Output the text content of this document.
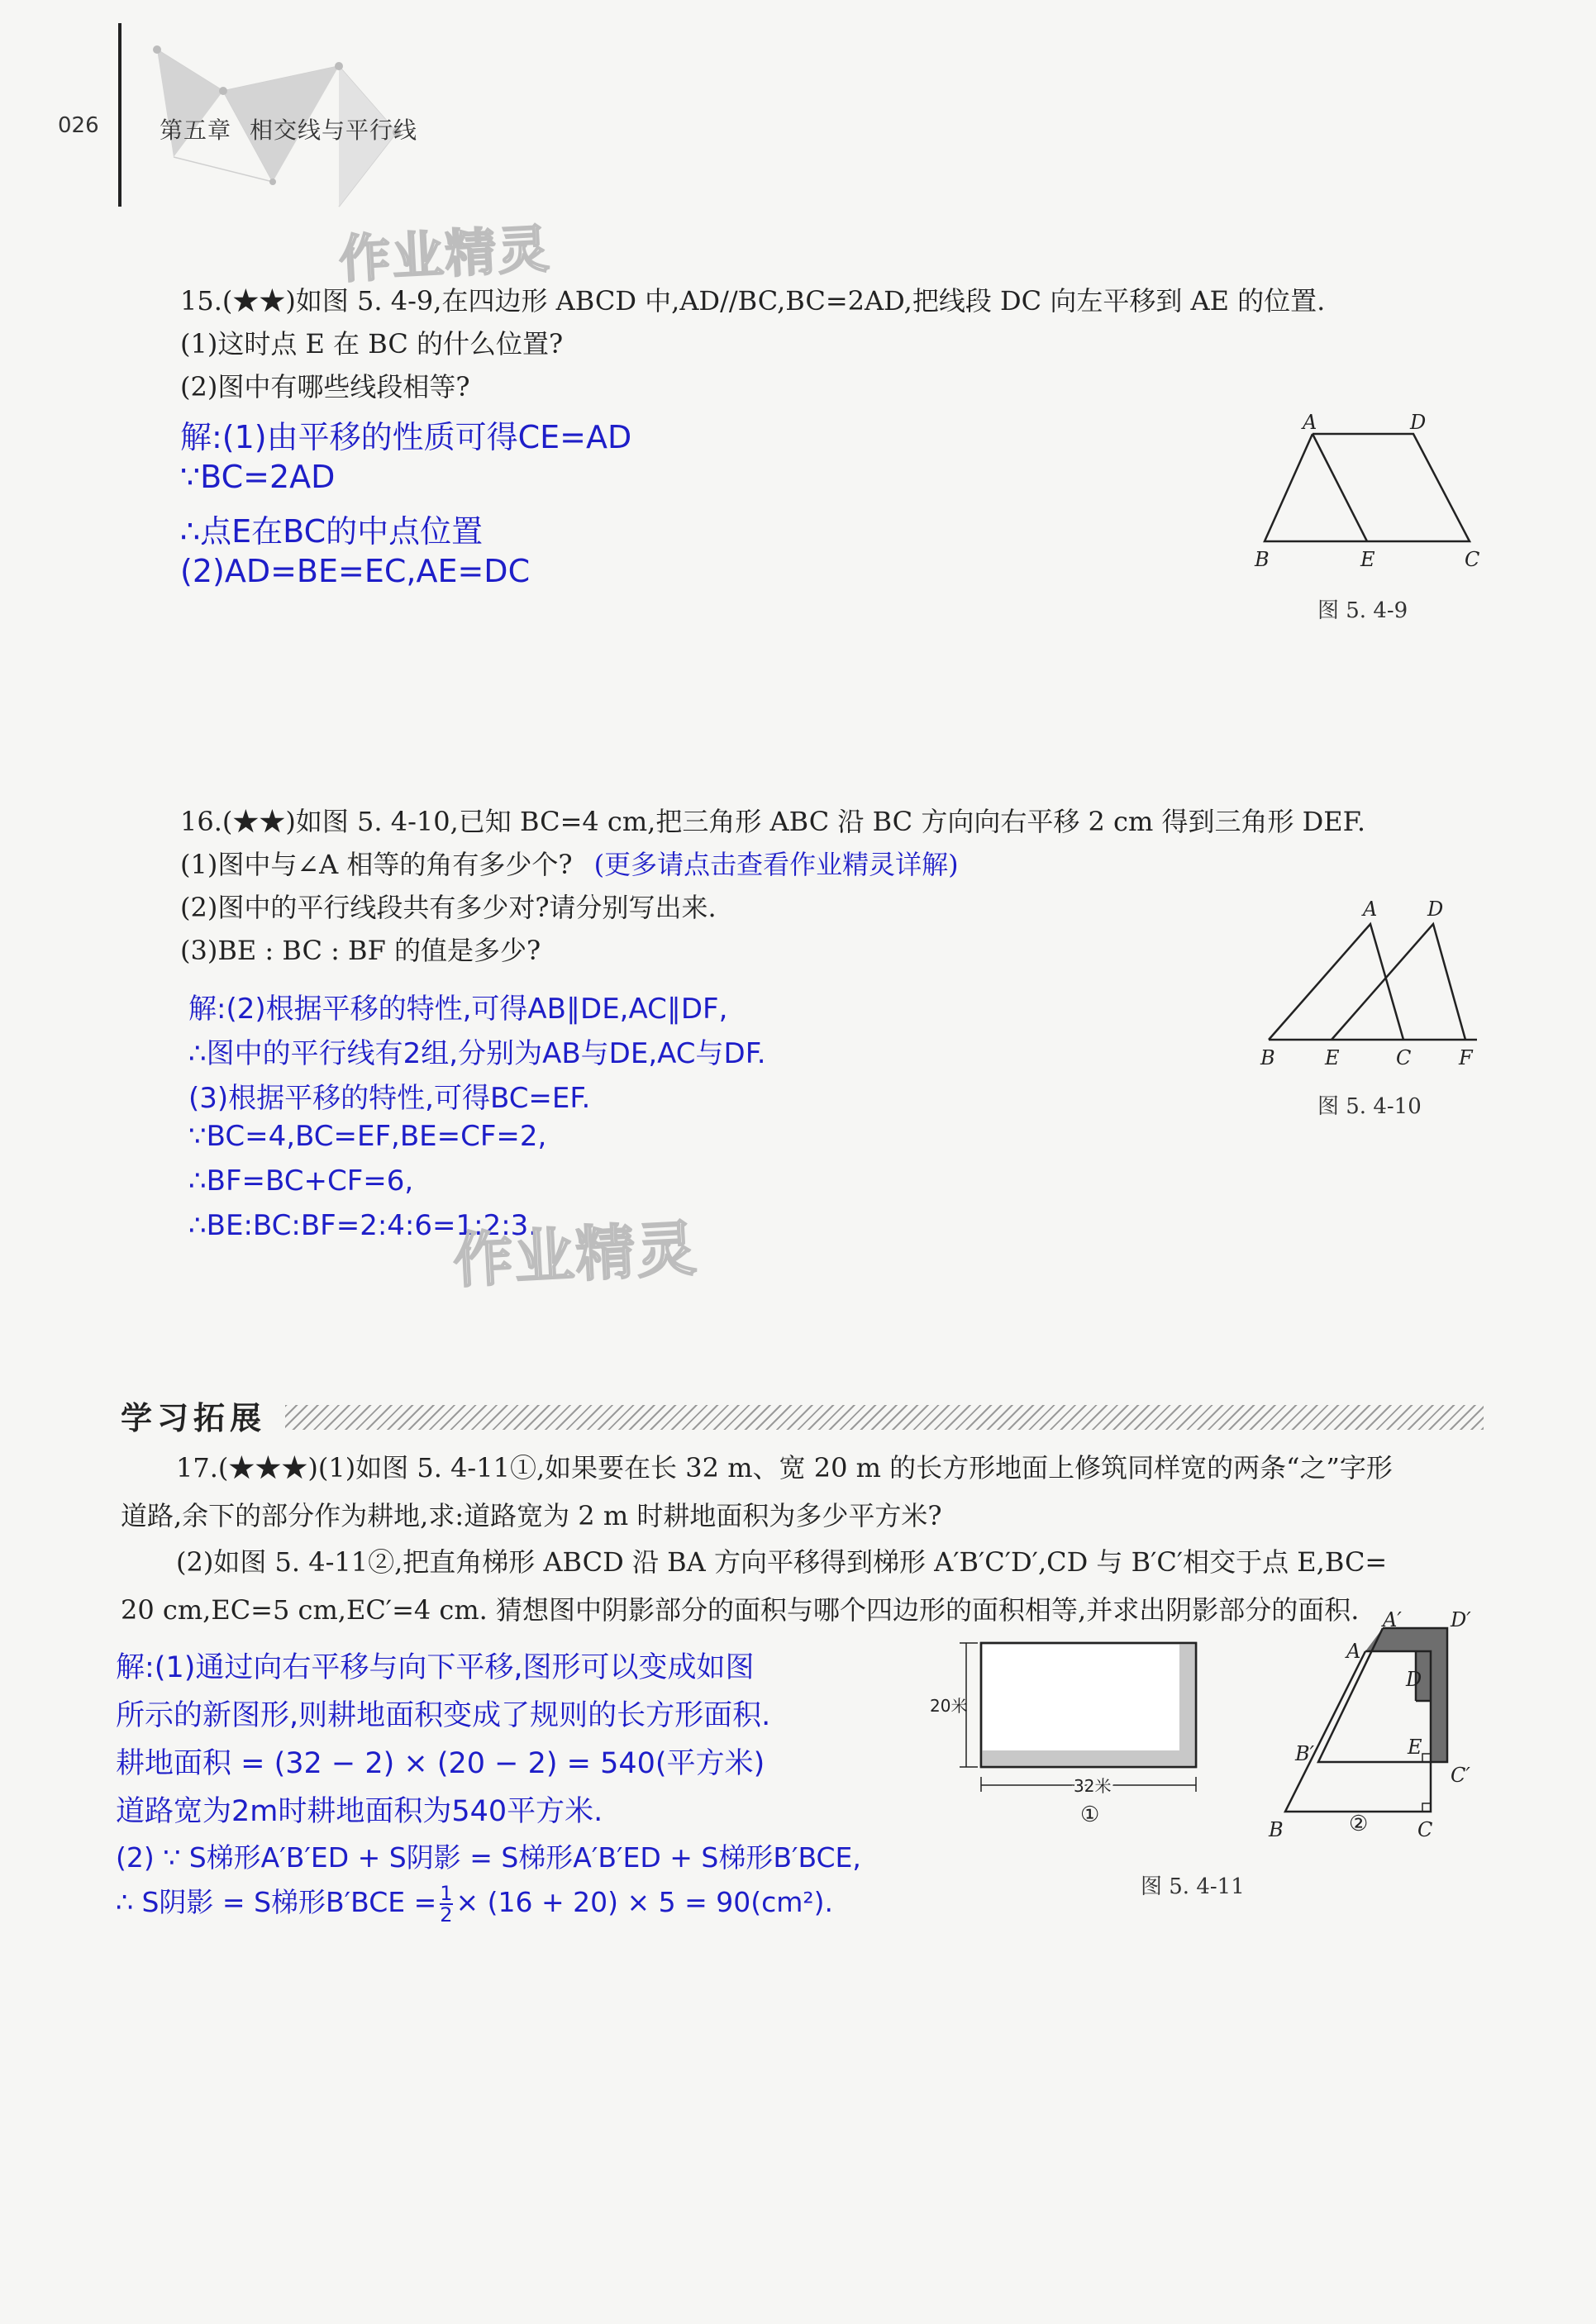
026	第五章 相交线与平行线
作业精灵
15.(★★)如图 5. 4-9,在四边形 ABCD 中,AD//BC,BC=2AD,把线段 DC 向左平移到 AE 的位置.
(1)这时点 E 在 BC 的什么位置?
(2)图中有哪些线段相等?
解:(1)由平移的性质可得CE=AD
∵BC=2AD
∴点E在BC的中点位置
(2)AD=BE=EC,AE=DC
A	D
B	E	C
图 5. 4-9
16.(★★)如图 5. 4-10,已知 BC=4 cm,把三角形 ABC 沿 BC 方向向右平移 2 cm 得到三角形 DEF.
(1)图中与∠A 相等的角有多少个? (更多请点击查看作业精灵详解)
(2)图中的平行线段共有多少对?请分别写出来.
(3)BE : BC : BF 的值是多少?
解:(2)根据平移的特性,可得AB∥DE,AC∥DF,
∴图中的平行线有2组,分别为AB与DE,AC与DF.
(3)根据平移的特性,可得BC=EF.
∵BC=4,BC=EF,BE=CF=2,
∴BF=BC+CF=6,
∴BE:BC:BF=2:4:6=1:2:3.
作业精灵
A	D
B	E	C F
图 5. 4-10
学习拓展
17.(★★★)(1)如图 5. 4-11①,如果要在长 32 m、宽 20 m 的长方形地面上修筑同样宽的两条“之”字形
道路,余下的部分作为耕地,求:道路宽为 2 m 时耕地面积为多少平方米?
(2)如图 5. 4-11②,把直角梯形 ABCD 沿 BA 方向平移得到梯形 A′B′C′D′,CD 与 B′C′相交于点 E,BC=
20 cm,EC=5 cm,EC′=4 cm. 猜想图中阴影部分的面积与哪个四边形的面积相等,并求出阴影部分的面积.
解:(1)通过向右平移与向下平移,图形可以变成如图
所示的新图形,则耕地面积变成了规则的长方形面积.
耕地面积 = (32 − 2) × (20 − 2) = 540(平方米)
道路宽为2m时耕地面积为540平方米.
(2) ∵ S梯形A′B′ED + S阴影 = S梯形A′B′ED + S梯形B′BCE,
∴ S阴影 = S梯形$B'BCE = \frac{1}{2} \times (16 + 20) \times 5 = 90(cm^2)$.
20米
32米
①
A′ D′
A
D
E
B′
C′
B	C
②
图 5. 4-11
